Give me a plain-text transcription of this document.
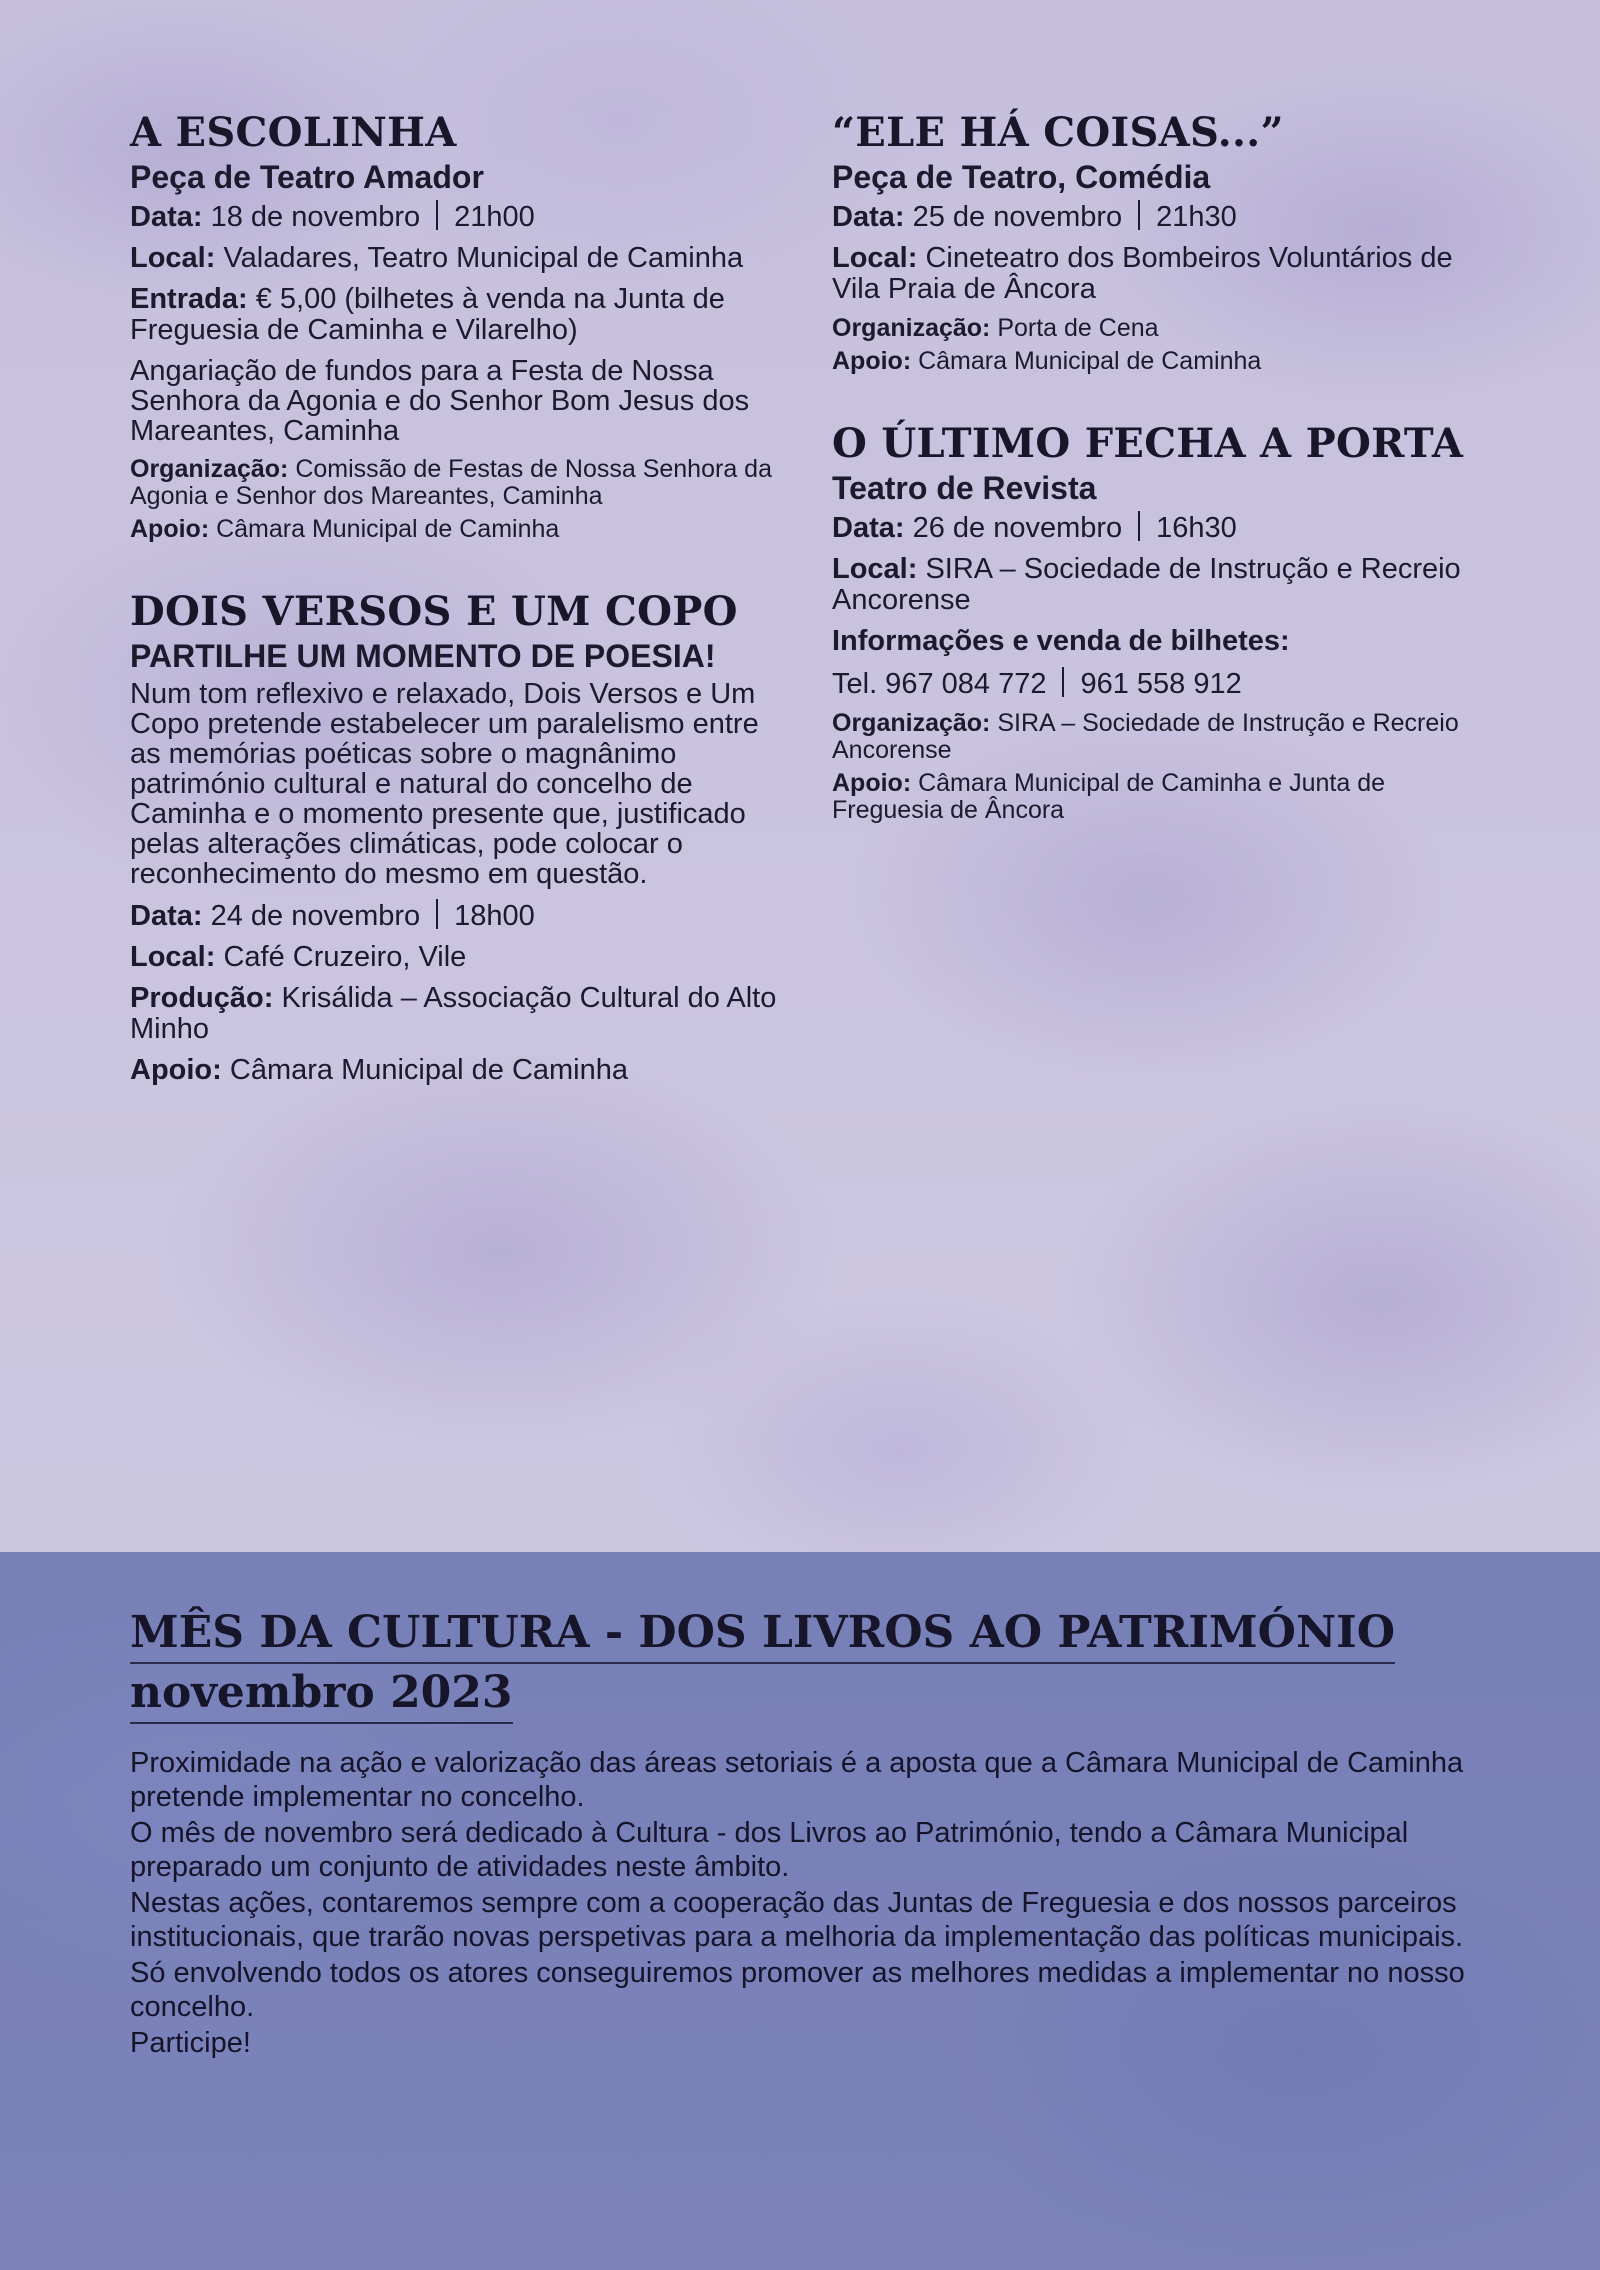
A ESCOLINHA

Peça de Teatro Amador

Data: 18 de novembro 21h00

Local: Valadares, Teatro Municipal de Caminha

Entrada: € 5,00 (bilhetes à venda na Junta de Freguesia de Caminha e Vilarelho)

Angariação de fundos para a Festa de Nossa Senhora da Agonia e do Senhor Bom Jesus dos Mareantes, Caminha

Organização: Comissão de Festas de Nossa Senhora da Agonia e Senhor dos Mareantes, Caminha

Apoio: Câmara Municipal de Caminha

DOIS VERSOS E UM COPO

PARTILHE UM MOMENTO DE POESIA!

Num tom reflexivo e relaxado, Dois Versos e Um Copo pretende estabelecer um paralelismo entre as memórias poéticas sobre o magnânimo património cultural e natural do concelho de Caminha e o momento presente que, justificado pelas alterações climáticas, pode colocar o reconhecimento do mesmo em questão.

Data: 24 de novembro 18h00

Local: Café Cruzeiro, Vile

Produção: Krisálida – Associação Cultural do Alto Minho

Apoio: Câmara Municipal de Caminha

“ELE HÁ COISAS...”

Peça de Teatro, Comédia

Data: 25 de novembro 21h30

Local: Cineteatro dos Bombeiros Voluntários de Vila Praia de Âncora

Organização: Porta de Cena

Apoio: Câmara Municipal de Caminha

O ÚLTIMO FECHA A PORTA

Teatro de Revista

Data: 26 de novembro 16h30

Local: SIRA – Sociedade de Instrução e Recreio Ancorense

Informações e venda de bilhetes:

Tel. 967 084 772 961 558 912

Organização: SIRA – Sociedade de Instrução e Recreio Ancorense

Apoio: Câmara Municipal de Caminha e Junta de Freguesia de Âncora

MÊS DA CULTURA - DOS LIVROS AO PATRIMÓNIO
novembro 2023

Proximidade na ação e valorização das áreas setoriais é a aposta que a Câmara Municipal de Caminha pretende implementar no concelho.

O mês de novembro será dedicado à Cultura - dos Livros ao Património, tendo a Câmara Municipal preparado um conjunto de atividades neste âmbito.

Nestas ações, contaremos sempre com a cooperação das Juntas de Freguesia e dos nossos parceiros institucionais, que trarão novas perspetivas para a melhoria da implementação das políticas municipais.

Só envolvendo todos os atores conseguiremos promover as melhores medidas a implementar no nosso concelho.

Participe!
